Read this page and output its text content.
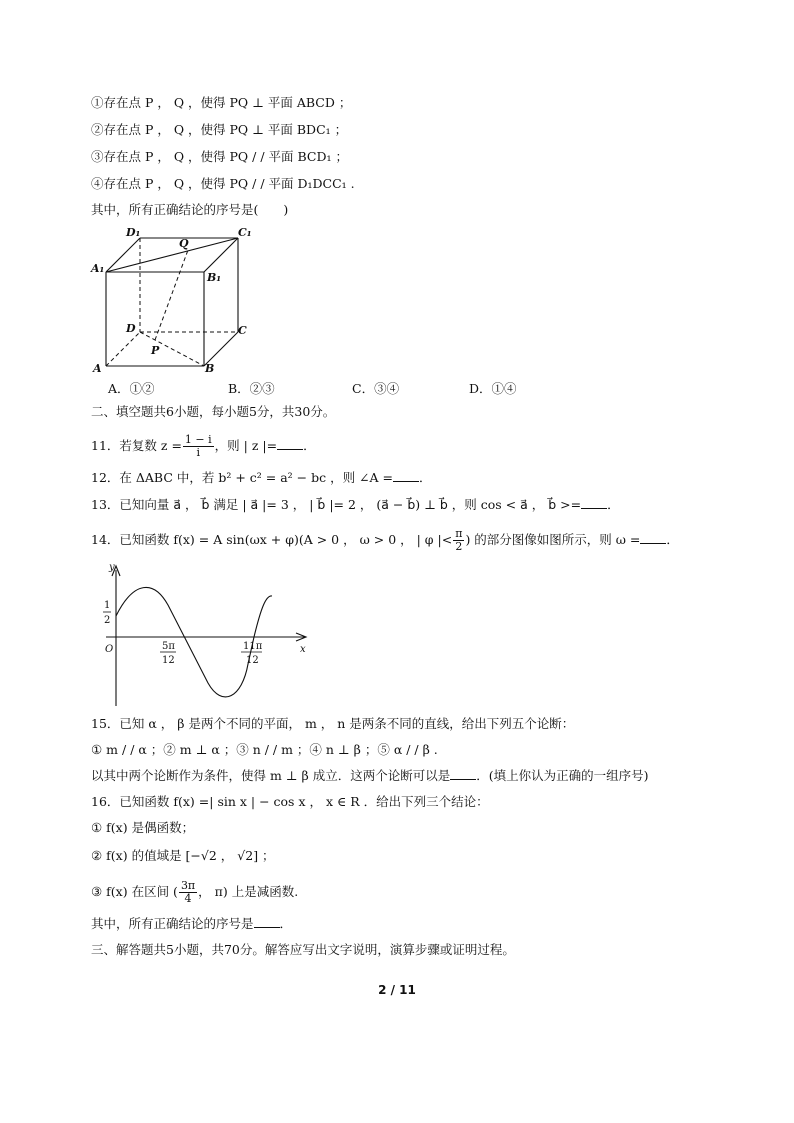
①存在点 P ， Q ，使得 PQ ⊥ 平面 ABCD ；
②存在点 P ， Q ，使得 PQ ⊥ 平面 BDC₁ ；
③存在点 P ， Q ，使得 PQ / / 平面 BCD₁ ；
④存在点 P ， Q ，使得 PQ / / 平面 D₁DCC₁ .
其中，所有正确结论的序号是(　　)
D₁	C₁
Q
A₁
B₁
D	C
P
A	B
A．①②	B．②③	C．③④	D．①④
二、填空题共6小题，每小题5分，共30分。
11．若复数 $z = \frac{1 - i}{i}$ ，则 | z |= ．
12．在 ΔABC 中，若 b² + c² = a² − bc ，则 ∠A = ．
13．已知向量 a⃗ ， b⃗ 满足 | a⃗ |= 3 ， | b⃗ |= 2 ， (a⃗ − b⃗) ⊥ b⃗ ，则 cos < a⃗ ， b⃗ >= ．
14．已知函数 f(x) = A sin(ωx + φ)(A > 0 ， ω > 0 ， | φ |< $\frac{\pi}{2}$ ) 的部分图像如图所示，则 ω = ．
y
x
O
1
2
5π
12
11π
12
15．已知 α ， β 是两个不同的平面， m ， n 是两条不同的直线，给出下列五个论断：
① m / / α ；② m ⊥ α ；③ n / / m ；④ n ⊥ β ；⑤ α / / β .
以其中两个论断作为条件，使得 m ⊥ β 成立．这两个论断可以是 ．(填上你认为正确的一组序号)
16．已知函数 f(x) =| sin x | − cos x ， x ∈ R ．给出下列三个结论：
① f(x) 是偶函数；
② f(x) 的值域是 [−√2 ， √2] ；
③ f(x) 在区间 ( $\frac{3\pi}{4}$ ， π) 上是减函数.
其中，所有正确结论的序号是 ．
三、解答题共5小题，共70分。解答应写出文字说明，演算步骤或证明过程。
2 / 11
